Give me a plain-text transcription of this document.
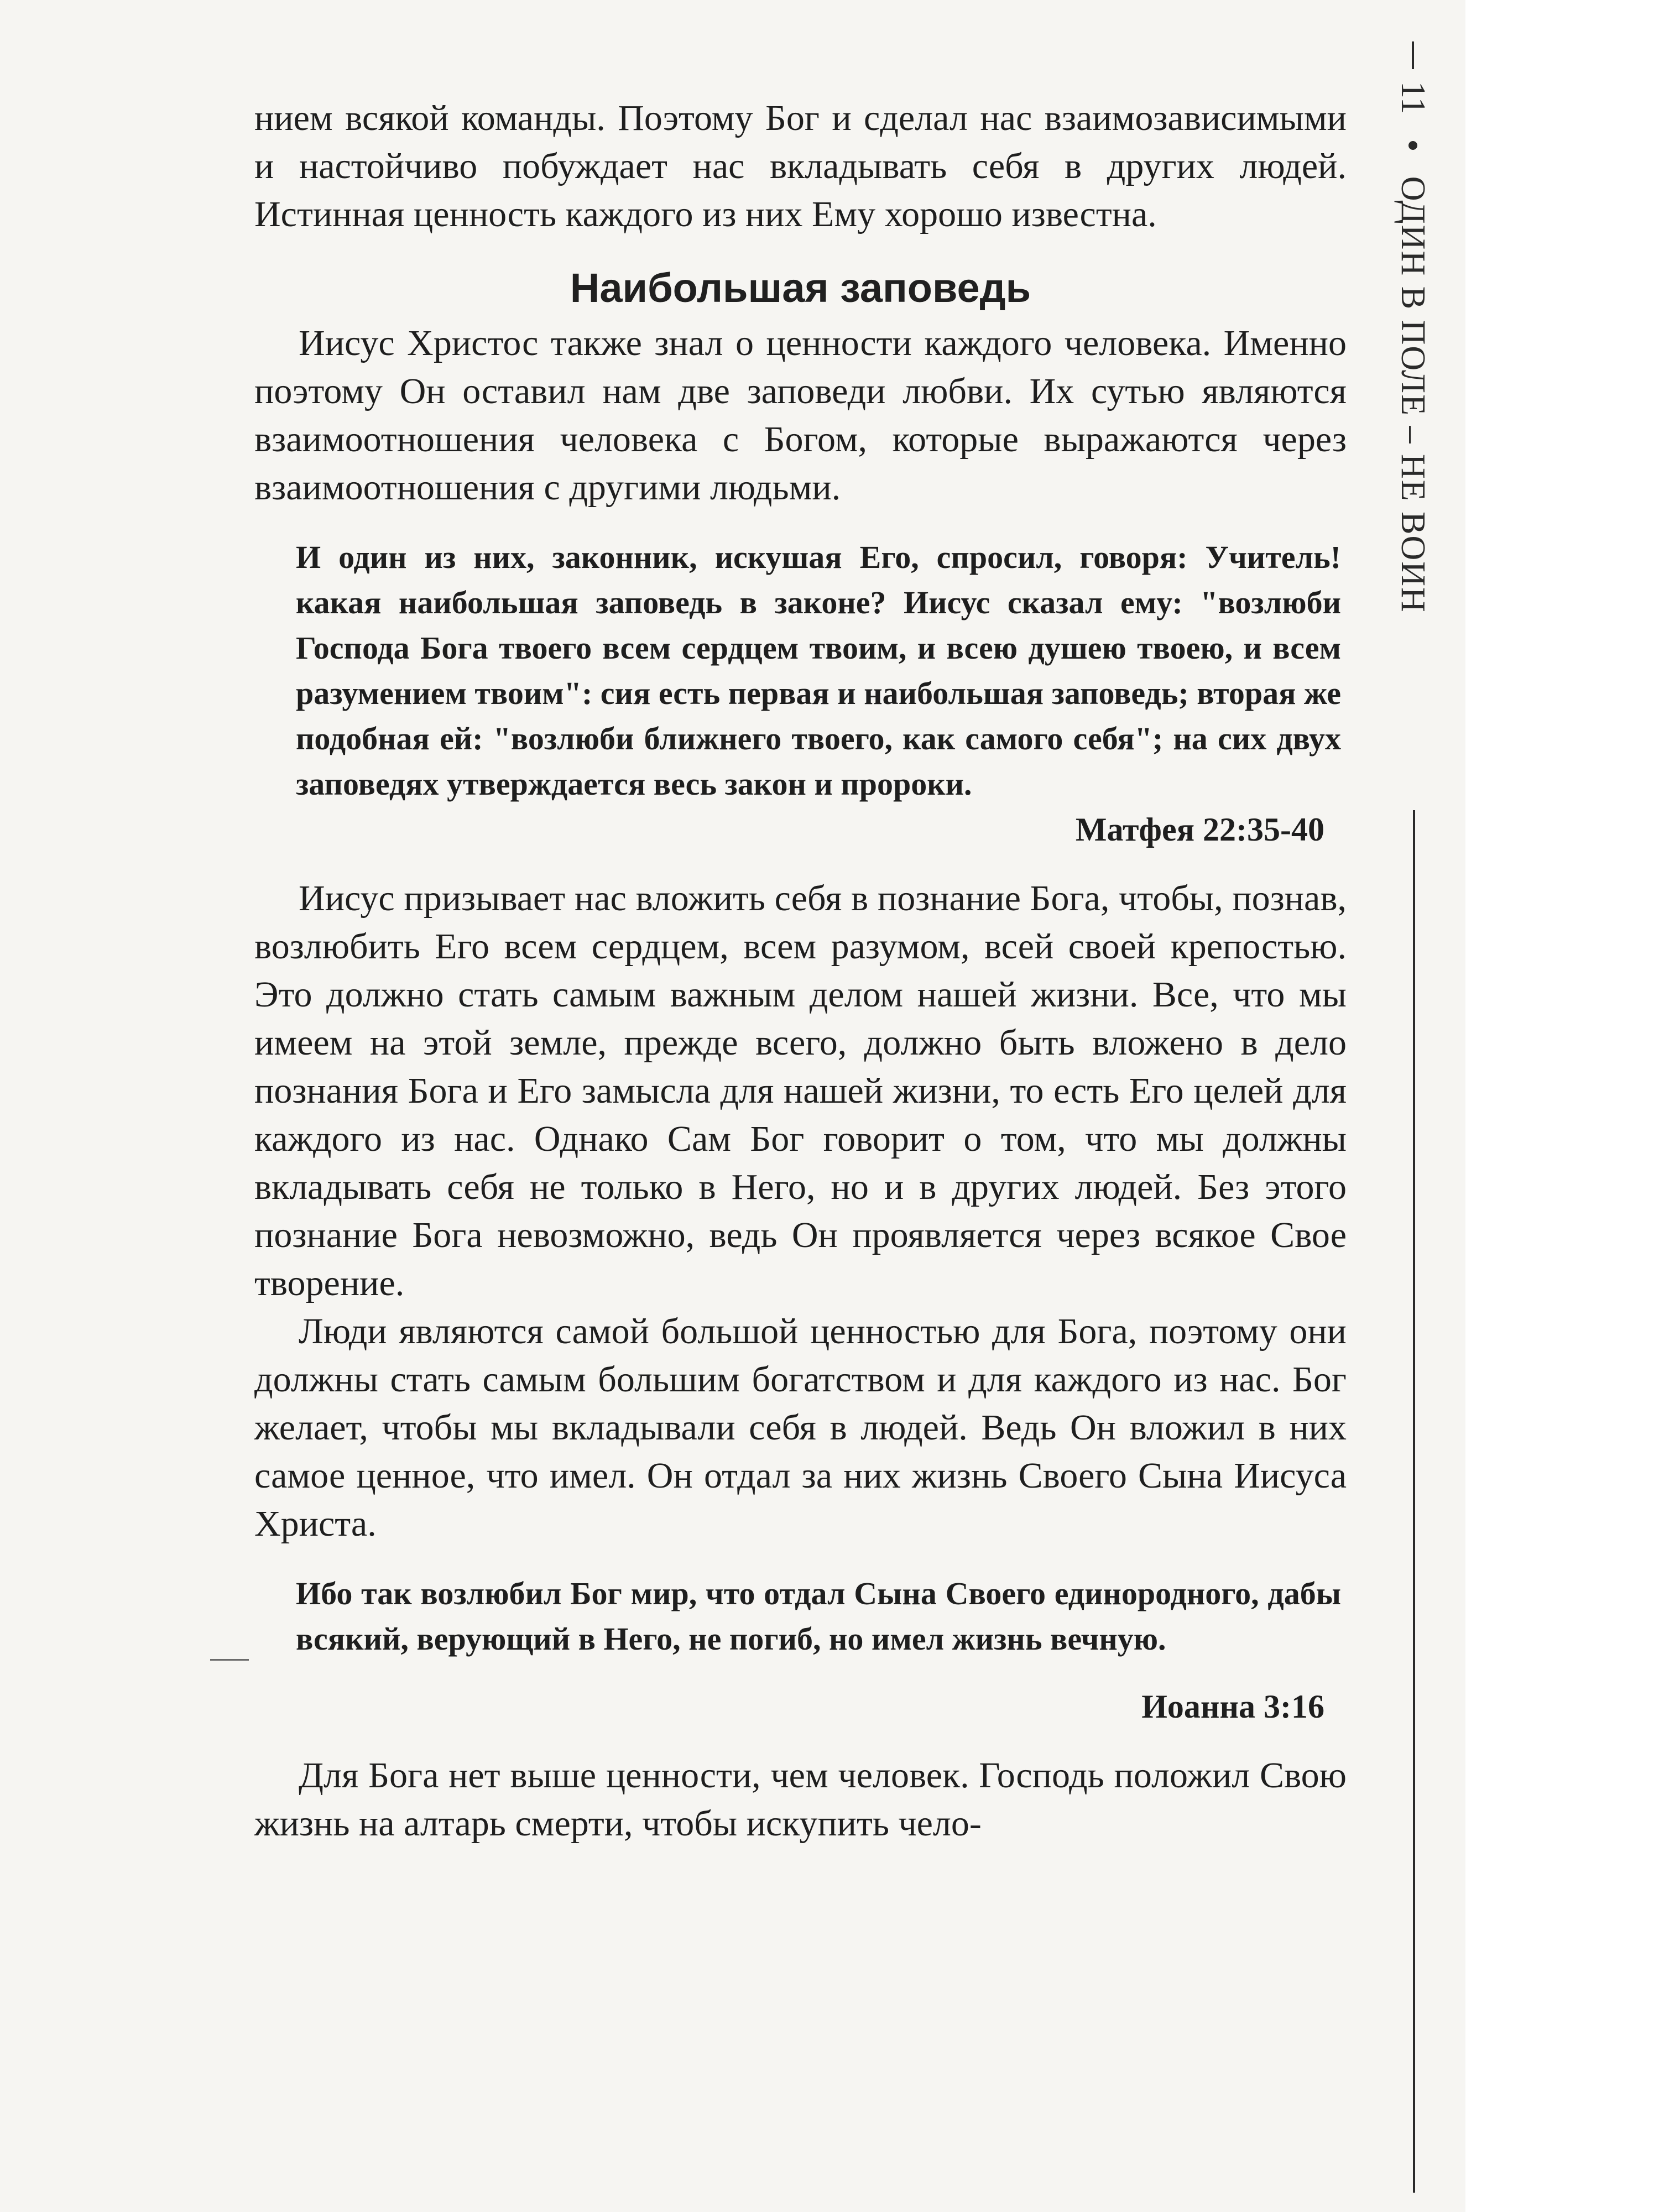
нием всякой команды. Поэтому Бог и сделал нас взаимозависимыми и настойчиво побуждает нас вкладывать себя в других людей. Истинная ценность каждого из них Ему хорошо известна.

Наибольшая заповедь

Иисус Христос также знал о ценности каждого человека. Именно поэтому Он оставил нам две заповеди любви. Их сутью являются взаимоотношения человека с Богом, которые выражаются через взаимоотношения с другими людьми.

И один из них, законник, искушая Его, спросил, говоря: Учитель! какая наибольшая заповедь в законе? Иисус сказал ему: "возлюби Господа Бога твоего всем сердцем твоим, и всею душею твоею, и всем разумением твоим": сия есть первая и наибольшая заповедь; вторая же подобная ей: "возлюби ближнего твоего, как самого себя"; на сих двух заповедях утверждается весь закон и пророки.

Матфея 22:35-40

Иисус призывает нас вложить себя в познание Бога, чтобы, познав, возлюбить Его всем сердцем, всем разумом, всей своей крепостью. Это должно стать самым важным делом нашей жизни. Все, что мы имеем на этой земле, прежде всего, должно быть вложено в дело познания Бога и Его замысла для нашей жизни, то есть Его целей для каждого из нас. Однако Сам Бог говорит о том, что мы должны вкладывать себя не только в Него, но и в других людей. Без этого познание Бога невозможно, ведь Он проявляется через всякое Свое творение.

Люди являются самой большой ценностью для Бога, поэтому они должны стать самым большим богатством и для каждого из нас. Бог желает, чтобы мы вкладывали себя в людей. Ведь Он вложил в них самое ценное, что имел. Он отдал за них жизнь Своего Сына Иисуса Христа.

Ибо так возлюбил Бог мир, что отдал Сына Своего единородного, дабы всякий, верующий в Него, не погиб, но имел жизнь вечную.

Иоанна 3:16

Для Бога нет выше ценности, чем человек. Господь положил Свою жизнь на алтарь смерти, чтобы искупить чело-

11
ОДИН В ПОЛЕ – НЕ ВОИН
